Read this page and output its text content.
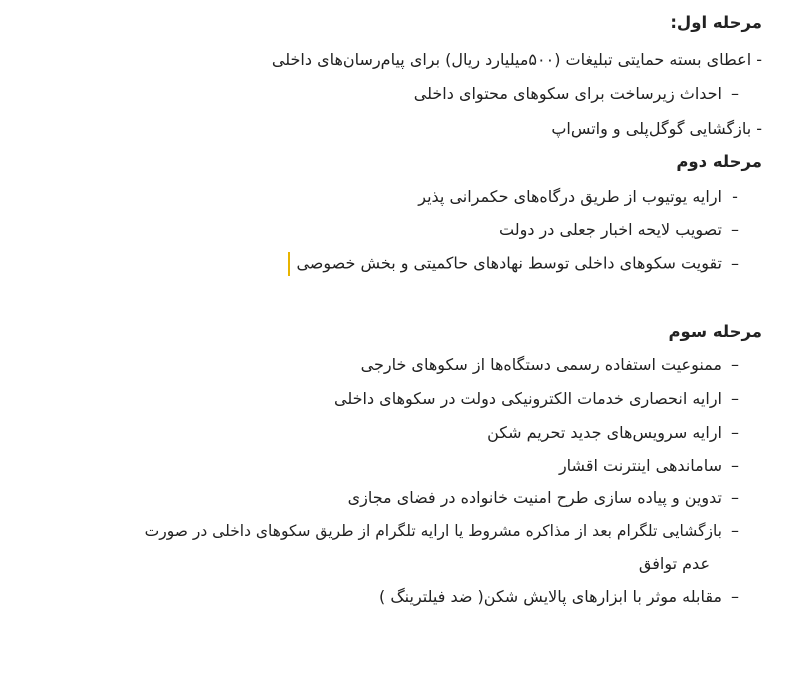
مرحله اول:
- اعطای بسته حمایتی تبلیغات (۵۰۰میلیارد ریال) برای پیام‌رسان‌های داخلی
–احداث زیرساخت برای سکوهای محتوای داخلی
- بازگشایی گوگل‌پلی و واتس‌اپ
مرحله دوم
-ارایه یوتیوب از طریق درگاه‌های حکمرانی پذیر
–تصویب لایحه اخبار جعلی در دولت
–تقویت سکوهای داخلی توسط نهادهای حاکمیتی و بخش خصوصی
مرحله سوم
–ممنوعیت استفاده رسمی دستگاه‌ها از سکوهای خارجی
–ارایه انحصاری خدمات الکترونیکی دولت در سکوهای داخلی
–ارایه سرویس‌های جدید تحریم شکن
–ساماندهی اینترنت اقشار
–تدوین و پیاده سازی طرح امنیت خانواده در فضای مجازی
–بازگشایی تلگرام بعد از مذاکره مشروط یا ارایه تلگرام از طریق سکوهای داخلی در صورت
عدم توافق
–مقابله موثر با ابزارهای پالایش شکن( ضد فیلترینگ )
